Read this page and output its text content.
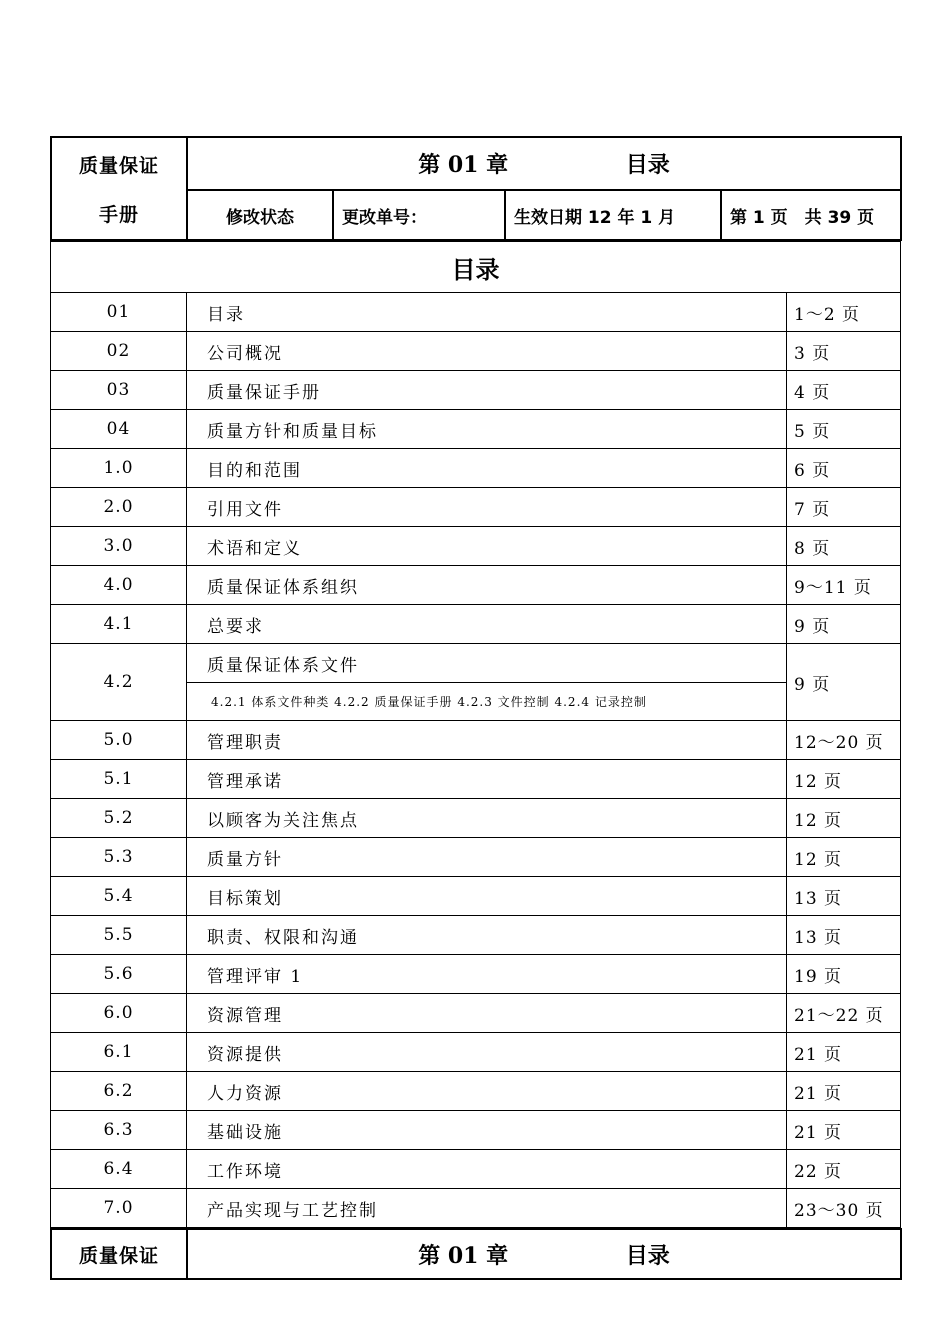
质量保证
手册	第 01 章 目录			
	修改状态	更改单号：	生效日期 12 年 1 月	第 1 页　共 39 页
目录		
01	目录	1～2 页
02	公司概况	3 页
03	质量保证手册	4 页
04	质量方针和质量目标	5 页
1.0	目的和范围	6 页
2.0	引用文件	7 页
3.0	术语和定义	8 页
4.0	质量保证体系组织	9～11 页
4.1	总要求	9 页
4.2	质量保证体系文件	9 页
	4.2.1 体系文件种类 4.2.2 质量保证手册 4.2.3 文件控制 4.2.4 记录控制	
5.0	管理职责	12～20 页
5.1	管理承诺	12 页
5.2	以顾客为关注焦点	12 页
5.3	质量方针	12 页
5.4	目标策划	13 页
5.5	职责、权限和沟通	13 页
5.6	管理评审 1	19 页
6.0	资源管理	21～22 页
6.1	资源提供	21 页
6.2	人力资源	21 页
6.3	基础设施	21 页
6.4	工作环境	22 页
7.0	产品实现与工艺控制	23～30 页
质量保证	第 01 章	目录
